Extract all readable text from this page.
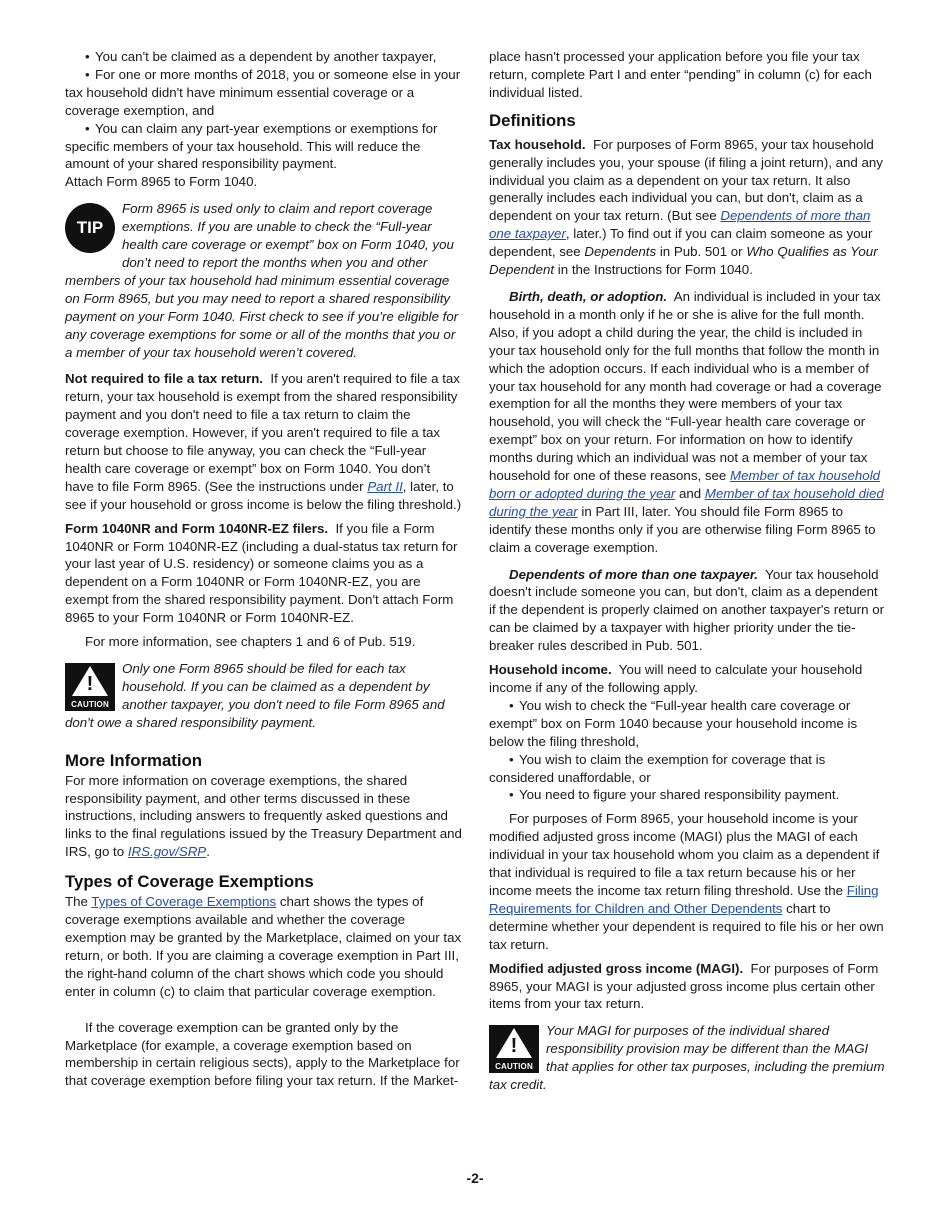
• You can't be claimed as a dependent by another taxpayer,

• For one or more months of 2018, you or someone else in your tax household didn't have minimum essential coverage or a coverage exemption, and

• You can claim any part-year exemptions or exemptions for specific members of your tax household. This will reduce the amount of your shared responsibility payment.

Attach Form 8965 to Form 1040.

TIP
Form 8965 is used only to claim and report coverage exemptions. If you are unable to check the “Full-year health care coverage or exempt” box on Form 1040, you don’t need to report the months when you and other members of your tax household had minimum essential coverage on Form 8965, but you may need to report a shared responsibility payment on your Form 1040. First check to see if you’re eligible for any coverage exemptions for some or all of the months that you or a member of your tax household weren’t covered.

Not required to file a tax return. If you aren't required to file a tax return, your tax household is exempt from the shared responsibility payment and you don't need to file a tax return to claim the coverage exemption. However, if you aren't required to file a tax return but choose to file anyway, you can check the “Full-year health care coverage or exempt” box on Form 1040. You don’t have to file Form 8965. (See the instructions under Part II, later, to see if your household or gross income is below the filing threshold.)

Form 1040NR and Form 1040NR-EZ filers. If you file a Form 1040NR or Form 1040NR-EZ (including a dual-status tax return for your last year of U.S. residency) or someone claims you as a dependent on a Form 1040NR or Form 1040NR-EZ, you are exempt from the shared responsibility payment. Don't attach Form 8965 to your Form 1040NR or Form 1040NR-EZ.

For more information, see chapters 1 and 6 of Pub. 519.

!
CAUTION
Only one Form 8965 should be filed for each tax household. If you can be claimed as a dependent by another taxpayer, you don't need to file Form 8965 and don't owe a shared responsibility payment.
More Information

For more information on coverage exemptions, the shared responsibility payment, and other terms discussed in these instructions, including answers to frequently asked questions and links to the final regulations issued by the Treasury Department and IRS, go to IRS.gov/SRP.

Types of Coverage Exemptions

The Types of Coverage Exemptions chart shows the types of coverage exemptions available and whether the coverage exemption may be granted by the Marketplace, claimed on your tax return, or both. If you are claiming a coverage exemption in Part III, the right-hand column of the chart shows which code you should enter in column (c) to claim that particular coverage exemption.

If the coverage exemption can be granted only by the Marketplace (for example, a coverage exemption based on membership in certain religious sects), apply to the Marketplace for that coverage exemption before filing your tax return. If the Market-

place hasn't processed your application before you file your tax return, complete Part I and enter “pending” in column (c) for each individual listed.

Definitions

Tax household. For purposes of Form 8965, your tax household generally includes you, your spouse (if filing a joint return), and any individual you claim as a dependent on your tax return. It also generally includes each individual you can, but don't, claim as a dependent on your tax return. (But see Dependents of more than one taxpayer, later.) To find out if you can claim someone as your dependent, see Dependents in Pub. 501 or Who Qualifies as Your Dependent in the Instructions for Form 1040.

Birth, death, or adoption. An individual is included in your tax household in a month only if he or she is alive for the full month. Also, if you adopt a child during the year, the child is included in your tax household only for the full months that follow the month in which the adoption occurs. If each individual who is a member of your tax household for any month had coverage or had a coverage exemption for all the months they were members of your tax household, you will check the “Full-year health care coverage or exempt” box on your return. For information on how to identify months during which an individual was not a member of your tax household for one of these reasons, see Member of tax household born or adopted during the year and Member of tax household died during the year in Part III, later. You should file Form 8965 to identify these months only if you are otherwise filing Form 8965 to claim a coverage exemption.

Dependents of more than one taxpayer. Your tax household doesn't include someone you can, but don't, claim as a dependent if the dependent is properly claimed on another taxpayer's return or can be claimed by a taxpayer with higher priority under the tie-breaker rules described in Pub. 501.

Household income. You will need to calculate your household income if any of the following apply.

• You wish to check the “Full-year health care coverage or exempt” box on Form 1040 because your household income is below the filing threshold,

• You wish to claim the exemption for coverage that is considered unaffordable, or

• You need to figure your shared responsibility payment.

For purposes of Form 8965, your household income is your modified adjusted gross income (MAGI) plus the MAGI of each individual in your tax household whom you claim as a dependent if that individual is required to file a tax return because his or her income meets the income tax return filing threshold. Use the Filing Requirements for Children and Other Dependents chart to determine whether your dependent is required to file his or her own tax return.

Modified adjusted gross income (MAGI). For purposes of Form 8965, your MAGI is your adjusted gross income plus certain other items from your tax return.

!
CAUTION
Your MAGI for purposes of the individual shared responsibility provision may be different than the MAGI that applies for other tax purposes, including the premium tax credit.
-2-
